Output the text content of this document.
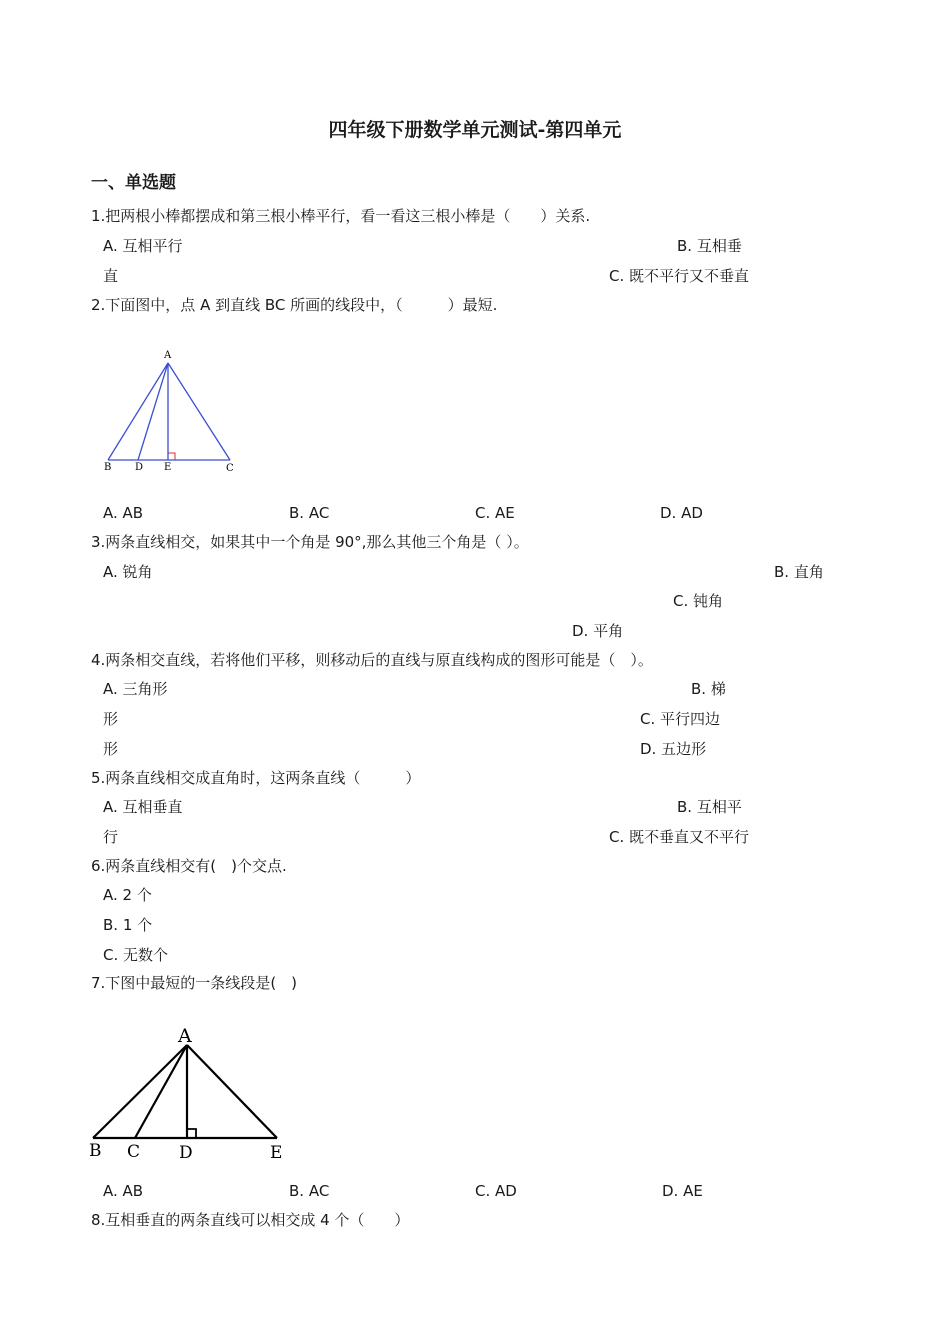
四年级下册数学单元测试-第四单元
一、单选题
1.把两根小棒都摆成和第三根小棒平行，看一看这三根小棒是（　　）关系.
A. 互相平行	B. 互相垂
直	C. 既不平行又不垂直
2.下面图中，点 A 到直线 BC 所画的线段中，（　　　）最短.
A
B D E	C
A. AB	B. AC	C. AE	D. AD
3.两条直线相交，如果其中一个角是 90°,那么其他三个角是（ ）。
A. 锐角	B. 直角
C. 钝角
D. 平角
4.两条相交直线，若将他们平移，则移动后的直线与原直线构成的图形可能是（　）。
A. 三角形	B. 梯
形	C. 平行四边
形	D. 五边形
5.两条直线相交成直角时，这两条直线（　　　）
A. 互相垂直	B. 互相平
行	C. 既不垂直又不平行
6.两条直线相交有(　)个交点.
A. 2 个
B. 1 个
C. 无数个
7.下图中最短的一条线段是(　)
A
B C D	E
A. AB	B. AC	C. AD	D. AE
8.互相垂直的两条直线可以相交成 4 个（　　）
